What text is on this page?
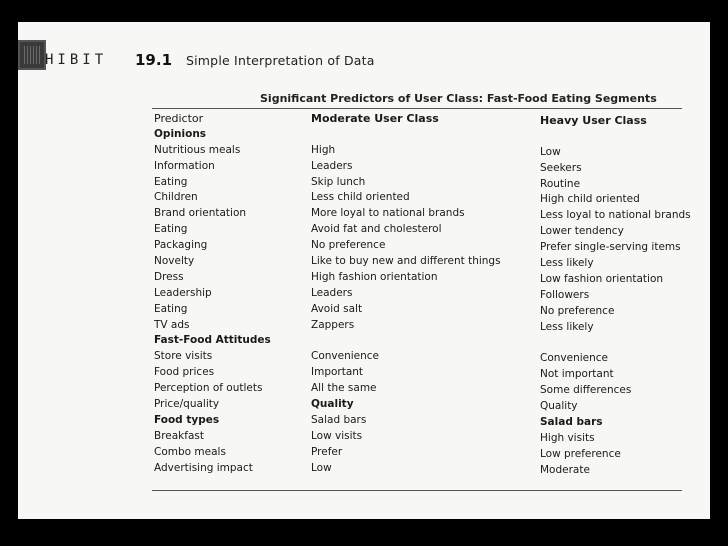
HIBIT 19.1 Simple Interpretation of Data
Significant Predictors of User Class: Fast-Food Eating Segments
Predictor
Opinions
Nutritious meals
Information
Eating
Children
Brand orientation
Eating
Packaging
Novelty
Dress
Leadership
Eating
TV ads
Fast-Food Attitudes
Store visits
Food prices
Perception of outlets
Price/quality
Food types
Breakfast
Combo meals
Advertising impact
Moderate User Class
High
Leaders
Skip lunch
Less child oriented
More loyal to national brands
Avoid fat and cholesterol
No preference
Like to buy new and different things
High fashion orientation
Leaders
Avoid salt
Zappers
Convenience
Important
All the same
Quality
Salad bars
Low visits
Prefer
Low
Heavy User Class
Low
Seekers
Routine
High child oriented
Less loyal to national brands
Lower tendency
Prefer single-serving items
Less likely
Low fashion orientation
Followers
No preference
Less likely
Convenience
Not important
Some differences
Quality
Salad bars
High visits
Low preference
Moderate
